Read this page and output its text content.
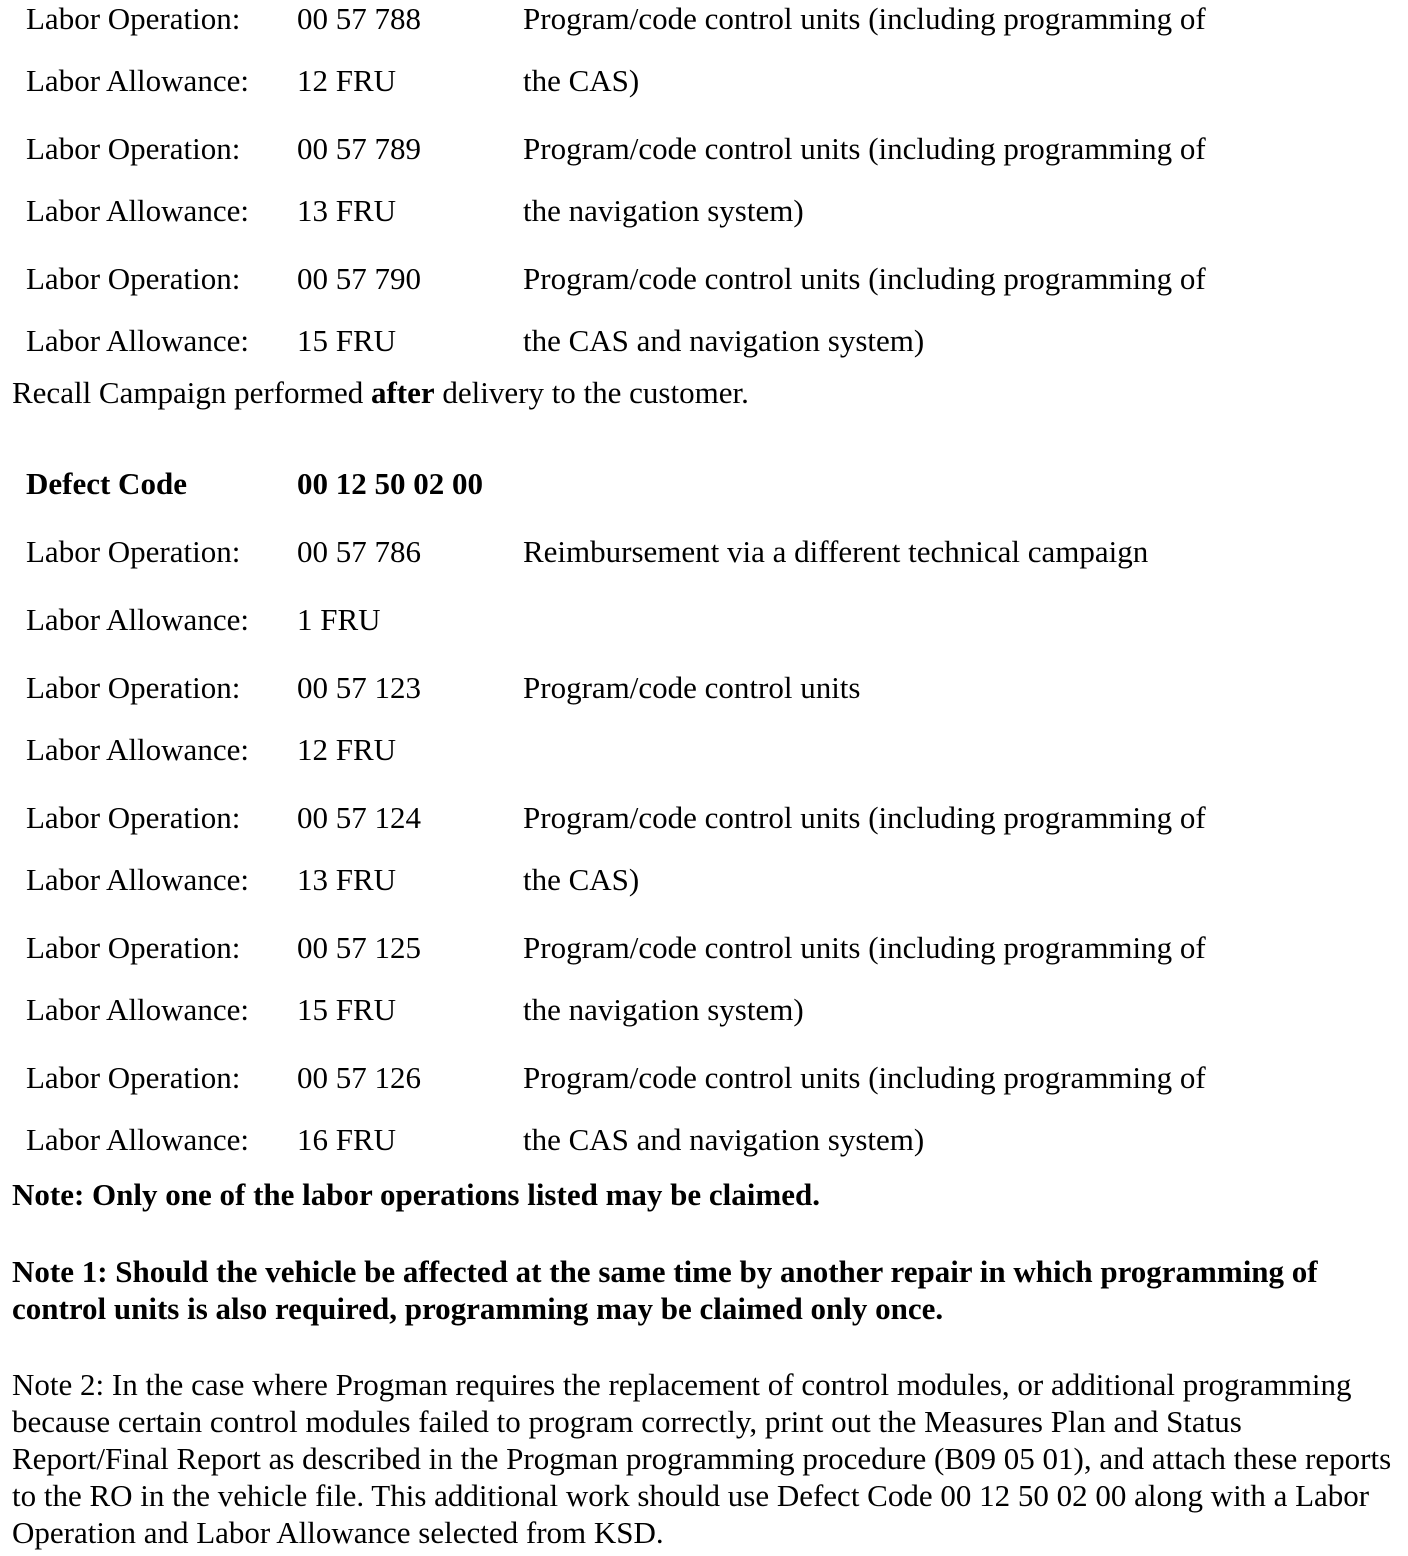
Labor Operation: 00 57 788	Program/code control units (including programming of
Labor Allowance: 12 FRU	the CAS)
Labor Operation: 00 57 789	Program/code control units (including programming of
Labor Allowance: 13 FRU	the navigation system)
Labor Operation: 00 57 790	Program/code control units (including programming of
Labor Allowance: 15 FRU	the CAS and navigation system)
Recall Campaign performed after delivery to the customer.
Defect Code	00 12 50 02 00
Labor Operation: 00 57 786	Reimbursement via a different technical campaign
Labor Allowance: 1 FRU
Labor Operation: 00 57 123	Program/code control units
Labor Allowance: 12 FRU
Labor Operation: 00 57 124	Program/code control units (including programming of
Labor Allowance: 13 FRU	the CAS)
Labor Operation: 00 57 125	Program/code control units (including programming of
Labor Allowance: 15 FRU	the navigation system)
Labor Operation: 00 57 126	Program/code control units (including programming of
Labor Allowance: 16 FRU	the CAS and navigation system)
Note: Only one of the labor operations listed may be claimed.
Note 1: Should the vehicle be affected at the same time by another repair in which programming of control units is also required, programming may be claimed only once.
Note 2: In the case where Progman requires the replacement of control modules, or additional programming because certain control modules failed to program correctly, print out the Measures Plan and Status Report/Final Report as described in the Progman programming procedure (B09 05 01), and attach these reports to the RO in the vehicle file. This additional work should use Defect Code 00 12 50 02 00 along with a Labor Operation and Labor Allowance selected from KSD.
